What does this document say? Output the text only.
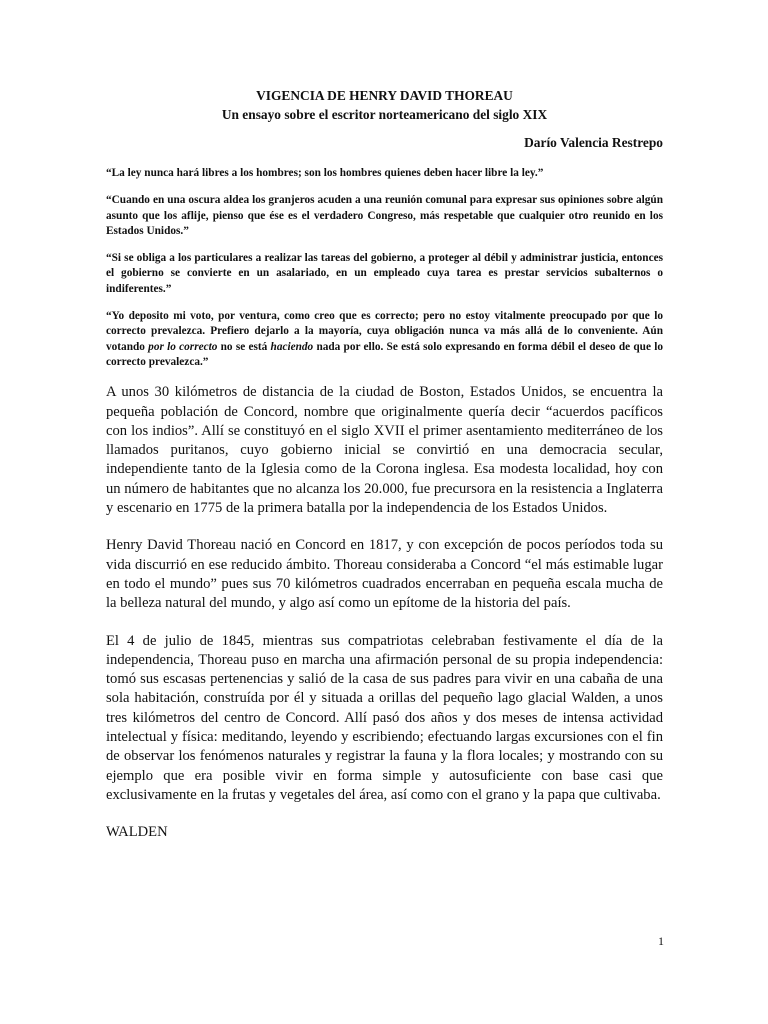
VIGENCIA DE HENRY DAVID THOREAU
Un ensayo sobre el escritor norteamericano del siglo XIX
Darío Valencia Restrepo
“La ley nunca hará libres a los hombres; son los hombres quienes deben hacer libre la ley.”
“Cuando en una oscura aldea los granjeros acuden a una reunión comunal para expresar sus opiniones sobre algún asunto que los aflije, pienso que ése es el verdadero Congreso, más respetable que cualquier otro reunido en los Estados Unidos.”
“Si se obliga a los particulares a realizar las tareas del gobierno, a proteger al débil y administrar justicia, entonces el gobierno se convierte en un asalariado, en un empleado cuya tarea es prestar servicios subalternos o indiferentes.”
“Yo deposito mi voto, por ventura, como creo que es correcto; pero no estoy vitalmente preocupado por que lo correcto prevalezca. Prefiero dejarlo a la mayoría, cuya obligación nunca va más allá de lo conveniente. Aún votando por lo correcto no se está haciendo nada por ello. Se está solo expresando en forma débil el deseo de que lo correcto prevalezca.”

A unos 30 kilómetros de distancia de la ciudad de Boston, Estados Unidos, se encuentra la pequeña población de Concord, nombre que originalmente quería decir “acuerdos pacíficos con los indios”. Allí se constituyó en el siglo XVII el primer asentamiento mediterráneo de los llamados puritanos, cuyo gobierno inicial se convirtió en una democracia secular, independiente tanto de la Iglesia como de la Corona inglesa. Esa modesta localidad, hoy con un número de habitantes que no alcanza los 20.000, fue precursora en la resistencia a Inglaterra y escenario en 1775 de la primera batalla por la independencia de los Estados Unidos.

Henry David Thoreau nació en Concord en 1817, y con excepción de pocos períodos toda su vida discurrió en ese reducido ámbito. Thoreau consideraba a Concord “el más estimable lugar en todo el mundo” pues sus 70 kilómetros cuadrados encerraban en pequeña escala mucha de la belleza natural del mundo, y algo así como un epítome de la historia del país.

El 4 de julio de 1845, mientras sus compatriotas celebraban festivamente el día de la independencia, Thoreau puso en marcha una afirmación personal de su propia independencia: tomó sus escasas pertenencias y salió de la casa de sus padres para vivir en una cabaña de una sola habitación, construída por él y situada a orillas del pequeño lago glacial Walden, a unos tres kilómetros del centro de Concord. Allí pasó dos años y dos meses de intensa actividad intelectual y física: meditando, leyendo y escribiendo; efectuando largas excursiones con el fin de observar los fenómenos naturales y registrar la fauna y la flora locales; y mostrando con su ejemplo que era posible vivir en forma simple y autosuficiente con base casi que exclusivamente en la frutas y vegetales del área, así como con el grano y la papa que cultivaba.

WALDEN
1
